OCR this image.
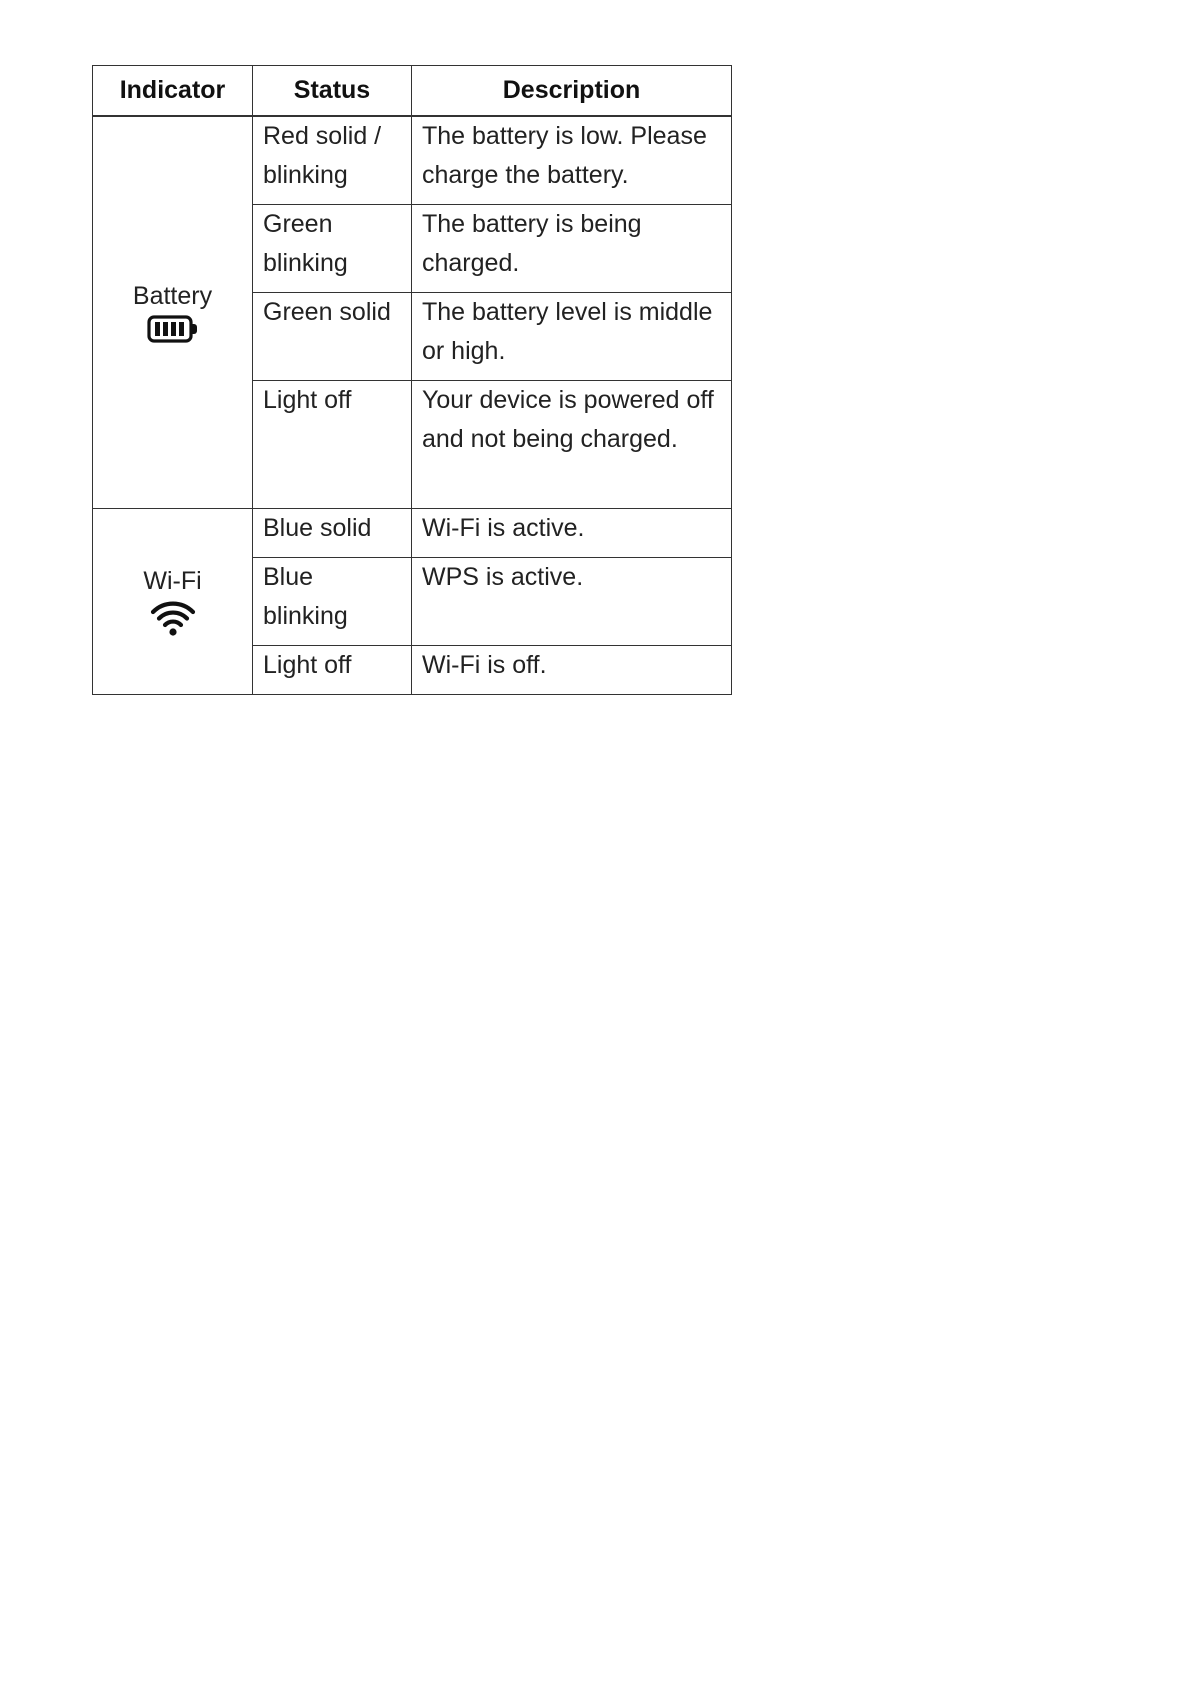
Indicator	Status	Description

Battery	Red solid / blinking	The battery is low. Please charge the battery.
	Green blinking	The battery is being charged.
	Green solid	The battery level is middle or high.
	Light off	Your device is powered off and not being charged.

Wi-Fi	Blue solid	Wi-Fi is active.
	Blue blinking	WPS is active.
	Light off	Wi-Fi is off.
